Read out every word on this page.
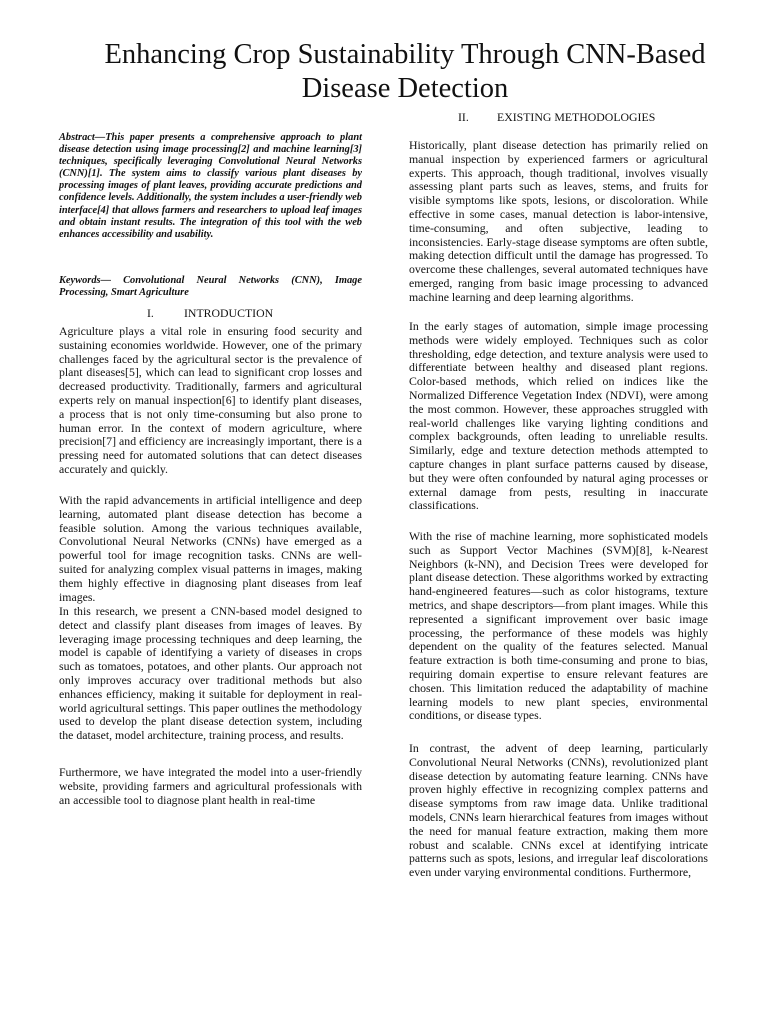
Enhancing Crop Sustainability Through CNN-Based Disease Detection

Abstract—This paper presents a comprehensive approach to plant disease detection using image processing[2] and machine learning[3] techniques, specifically leveraging Convolutional Neural Networks (CNN)[1]. The system aims to classify various plant diseases by processing images of plant leaves, providing accurate predictions and confidence levels. Additionally, the system includes a user-friendly web interface[4] that allows farmers and researchers to upload leaf images and obtain instant results. The integration of this tool with the web enhances accessibility and usability.

Keywords— Convolutional Neural Networks (CNN), Image Processing, Smart Agriculture

I.	INTRODUCTION

Agriculture plays a vital role in ensuring food security and sustaining economies worldwide. However, one of the primary challenges faced by the agricultural sector is the prevalence of plant diseases[5], which can lead to significant crop losses and decreased productivity. Traditionally, farmers and agricultural experts rely on manual inspection[6] to identify plant diseases, a process that is not only time-consuming but also prone to human error. In the context of modern agriculture, where precision[7] and efficiency are increasingly important, there is a pressing need for automated solutions that can detect diseases accurately and quickly.

With the rapid advancements in artificial intelligence and deep learning, automated plant disease detection has become a feasible solution. Among the various techniques available, Convolutional Neural Networks (CNNs) have emerged as a powerful tool for image recognition tasks. CNNs are well-suited for analyzing complex visual patterns in images, making them highly effective in diagnosing plant diseases from leaf images.

In this research, we present a CNN-based model designed to detect and classify plant diseases from images of leaves. By leveraging image processing techniques and deep learning, the model is capable of identifying a variety of diseases in crops such as tomatoes, potatoes, and other plants. Our approach not only improves accuracy over traditional methods but also enhances efficiency, making it suitable for deployment in real-world agricultural settings. This paper outlines the methodology used to develop the plant disease detection system, including the dataset, model architecture, training process, and results.

Furthermore, we have integrated the model into a user-friendly website, providing farmers and agricultural professionals with an accessible tool to diagnose plant health in real-time

II. EXISTING METHODOLOGIES

Historically, plant disease detection has primarily relied on manual inspection by experienced farmers or agricultural experts. This approach, though traditional, involves visually assessing plant parts such as leaves, stems, and fruits for visible symptoms like spots, lesions, or discoloration. While effective in some cases, manual detection is labor-intensive, time-consuming, and often subjective, leading to inconsistencies. Early-stage disease symptoms are often subtle, making detection difficult until the damage has progressed. To overcome these challenges, several automated techniques have emerged, ranging from basic image processing to advanced machine learning and deep learning algorithms.

In the early stages of automation, simple image processing methods were widely employed. Techniques such as color thresholding, edge detection, and texture analysis were used to differentiate between healthy and diseased plant regions. Color-based methods, which relied on indices like the Normalized Difference Vegetation Index (NDVI), were among the most common. However, these approaches struggled with real-world challenges like varying lighting conditions and complex backgrounds, often leading to unreliable results. Similarly, edge and texture detection methods attempted to capture changes in plant surface patterns caused by disease, but they were often confounded by natural aging processes or external damage from pests, resulting in inaccurate classifications.

With the rise of machine learning, more sophisticated models such as Support Vector Machines (SVM)[8], k-Nearest Neighbors (k-NN), and Decision Trees were developed for plant disease detection. These algorithms worked by extracting hand-engineered features—such as color histograms, texture metrics, and shape descriptors—from plant images. While this represented a significant improvement over basic image processing, the performance of these models was highly dependent on the quality of the features selected. Manual feature extraction is both time-consuming and prone to bias, requiring domain expertise to ensure relevant features are chosen. This limitation reduced the adaptability of machine learning models to new plant species, environmental conditions, or disease types.

In contrast, the advent of deep learning, particularly Convolutional Neural Networks (CNNs), revolutionized plant disease detection by automating feature learning. CNNs have proven highly effective in recognizing complex patterns and disease symptoms from raw image data. Unlike traditional models, CNNs learn hierarchical features from images without the need for manual feature extraction, making them more robust and scalable. CNNs excel at identifying intricate patterns such as spots, lesions, and irregular leaf discolorations even under varying environmental conditions. Furthermore,
